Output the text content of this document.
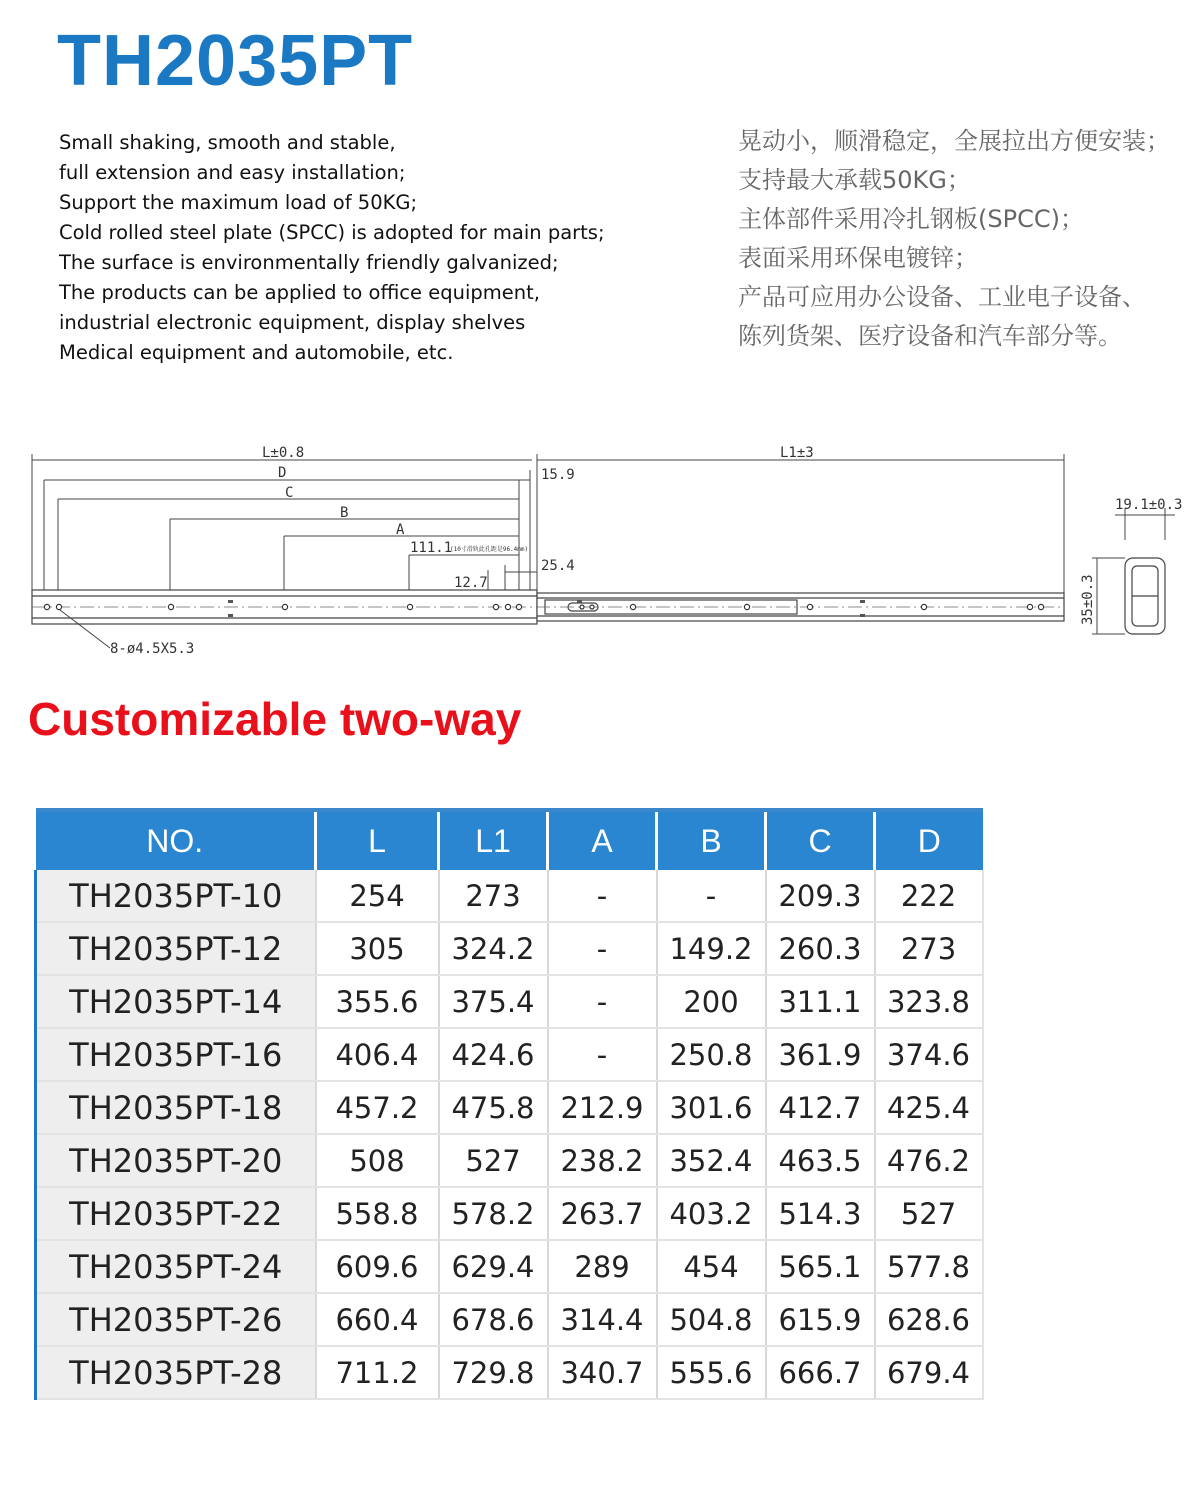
TH2035PT
Small shaking, smooth and stable,
full extension and easy installation;
Support the maximum load of 50KG;
Cold rolled steel plate (SPCC) is adopted for main parts;
The surface is environmentally friendly galvanized;
The products can be applied to office equipment,
industrial electronic equipment, display shelves
Medical equipment and automobile, etc.
晃动小，顺滑稳定，全展拉出方便安装；
支持最大承载50KG；
主体部件采用冷扎钢板(SPCC)；
表面采用环保电镀锌；
产品可应用办公设备、工业电子设备、
陈列货架、医疗设备和汽车部分等。
L±0.8	L1±3
D
C
B
A
15.9
111.1
(10寸滑轨此孔距是96.4mm)
12.7
25.4
8-ø4.5X5.3
19.1±0.3
35±0.3
Customizable two-way
NO.	L	L1	A	B	C	D
TH2035PT-10	254	273	-	-	209.3	222
TH2035PT-12	305	324.2	-	149.2	260.3	273
TH2035PT-14	355.6	375.4	-	200	311.1	323.8
TH2035PT-16	406.4	424.6	-	250.8	361.9	374.6
TH2035PT-18	457.2	475.8	212.9	301.6	412.7	425.4
TH2035PT-20	508	527	238.2	352.4	463.5	476.2
TH2035PT-22	558.8	578.2	263.7	403.2	514.3	527
TH2035PT-24	609.6	629.4	289	454	565.1	577.8
TH2035PT-26	660.4	678.6	314.4	504.8	615.9	628.6
TH2035PT-28	711.2	729.8	340.7	555.6	666.7	679.4
